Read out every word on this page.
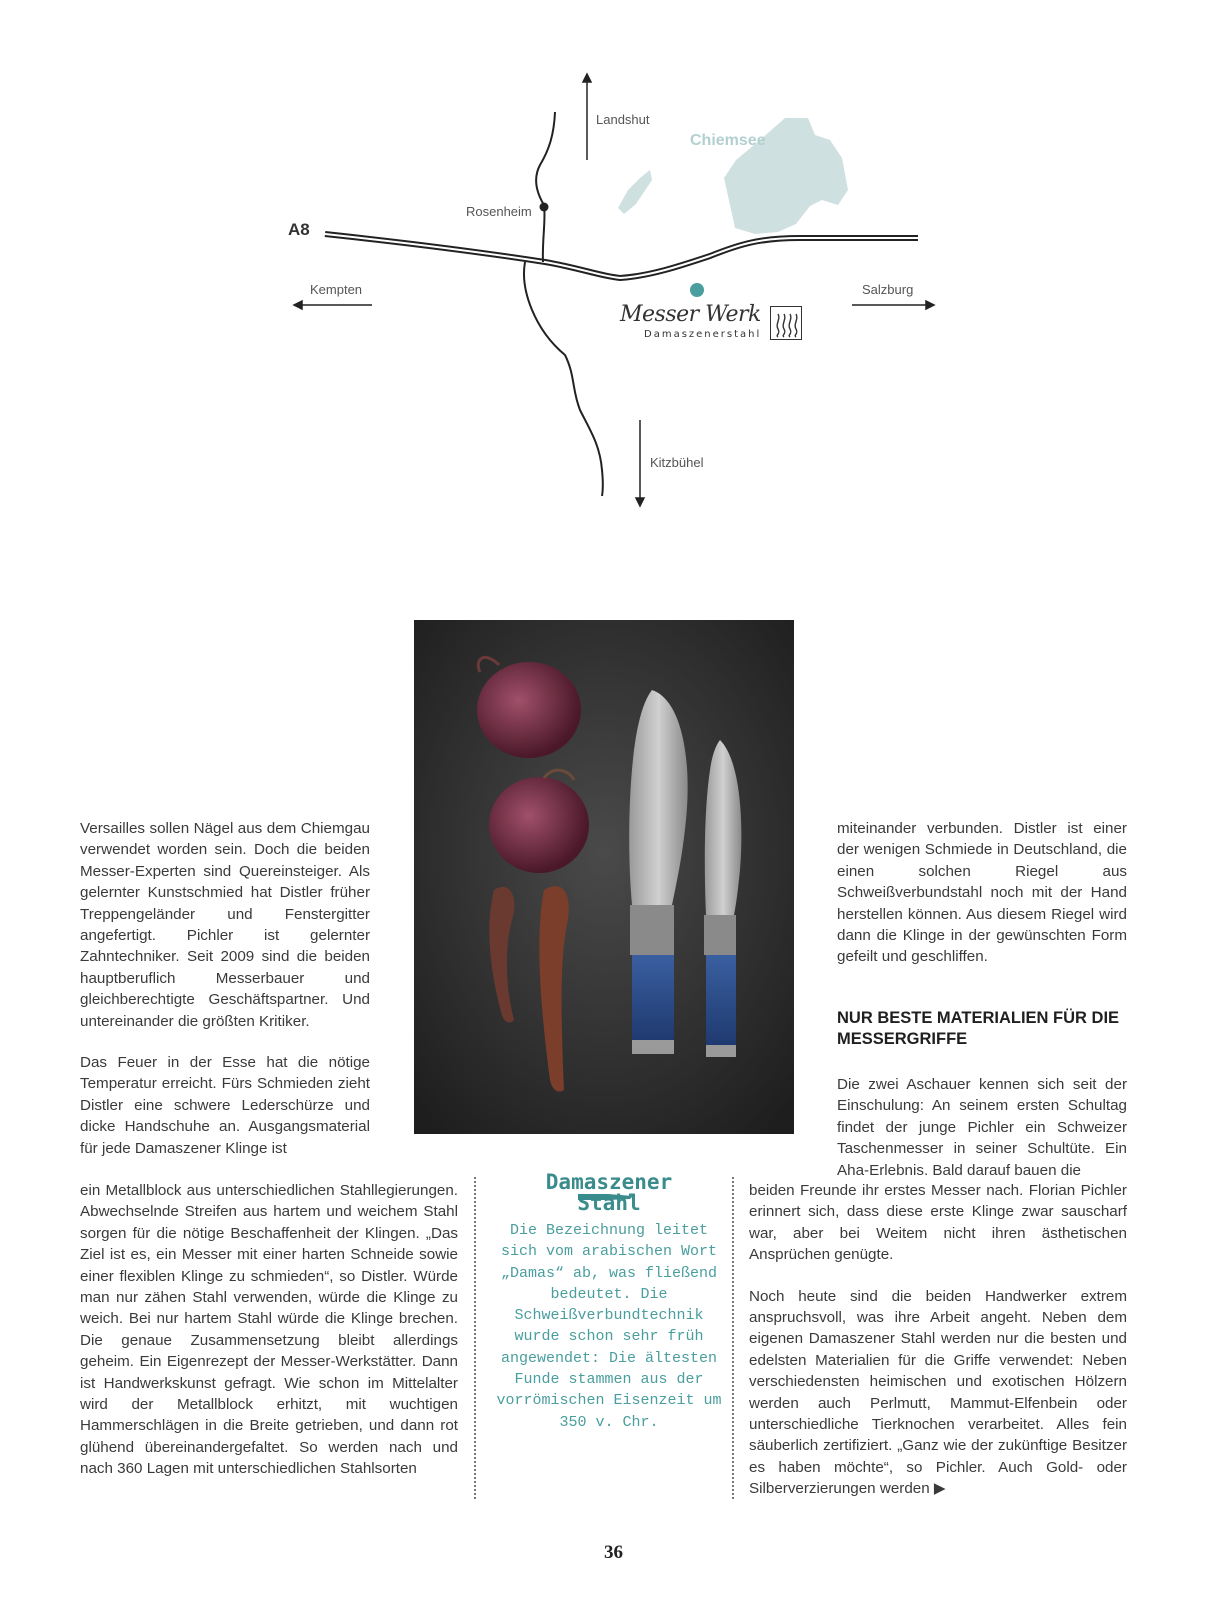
A8
Chiemsee
Landshut
Rosenheim
Kempten	Salzburg
Kitzbühel
Messer Werk
Damaszenerstahl

Versailles sollen Nägel aus dem Chiemgau verwendet worden sein. Doch die beiden Messer-Experten sind Quereinsteiger. Als gelernter Kunstschmied hat Distler früher Treppengeländer und Fenstergitter angefertigt. Pichler ist gelernter Zahntechniker. Seit 2009 sind die beiden hauptberuflich Messerbauer und gleichberechtigte Geschäftspartner. Und untereinander die größten Kritiker.

Das Feuer in der Esse hat die nötige Temperatur erreicht. Fürs Schmieden zieht Distler eine schwere Lederschürze und dicke Handschuhe an. Ausgangsmaterial für jede Damaszener Klinge ist

ein Metallblock aus unterschiedlichen Stahllegierungen. Abwechselnde Streifen aus hartem und weichem Stahl sorgen für die nötige Beschaffenheit der Klingen. „Das Ziel ist es, ein Messer mit einer harten Schneide sowie einer flexiblen Klinge zu schmieden“, so Distler. Würde man nur zähen Stahl verwenden, würde die Klinge zu weich. Bei nur hartem Stahl würde die Klinge brechen. Die genaue Zusammensetzung bleibt allerdings geheim. Ein Eigenrezept der Messer-Werkstätter. Dann ist Handwerkskunst gefragt. Wie schon im Mittelalter wird der Metallblock erhitzt, mit wuchtigen Hammerschlägen in die Breite getrieben, und dann rot glühend übereinandergefaltet. So werden nach und nach 360 Lagen mit unterschiedlichen Stahlsorten

Damaszener
Stahl
Die Bezeichnung leitet sich vom arabischen Wort „Damas“ ab, was fließend bedeutet. Die Schweißverbundtechnik wurde schon sehr früh angewendet: Die ältesten Funde stammen aus der vorrömischen Eisenzeit um 350 v. Chr.

miteinander verbunden. Distler ist einer der wenigen Schmiede in Deutschland, die einen solchen Riegel aus Schweißverbundstahl noch mit der Hand herstellen können. Aus diesem Riegel wird dann die Klinge in der gewünschten Form gefeilt und geschliffen.

NUR BESTE MATERIALIEN FÜR DIE MESSERGRIFFE

Die zwei Aschauer kennen sich seit der Einschulung: An seinem ersten Schultag findet der junge Pichler ein Schweizer Taschenmesser in seiner Schultüte. Ein Aha-Erlebnis. Bald darauf bauen die

beiden Freunde ihr erstes Messer nach. Florian Pichler erinnert sich, dass diese erste Klinge zwar sauscharf war, aber bei Weitem nicht ihren ästhetischen Ansprüchen genügte.

Noch heute sind die beiden Handwerker extrem anspruchsvoll, was ihre Arbeit angeht. Neben dem eigenen Damaszener Stahl werden nur die besten und edelsten Materialien für die Griffe verwendet: Neben verschiedensten heimischen und exotischen Hölzern werden auch Perlmutt, Mammut-Elfenbein oder unterschiedliche Tierknochen verarbeitet. Alles fein säuberlich zertifiziert. „Ganz wie der zukünftige Besitzer es haben möchte“, so Pichler. Auch Gold- oder Silberverzierungen werden ▶

36
